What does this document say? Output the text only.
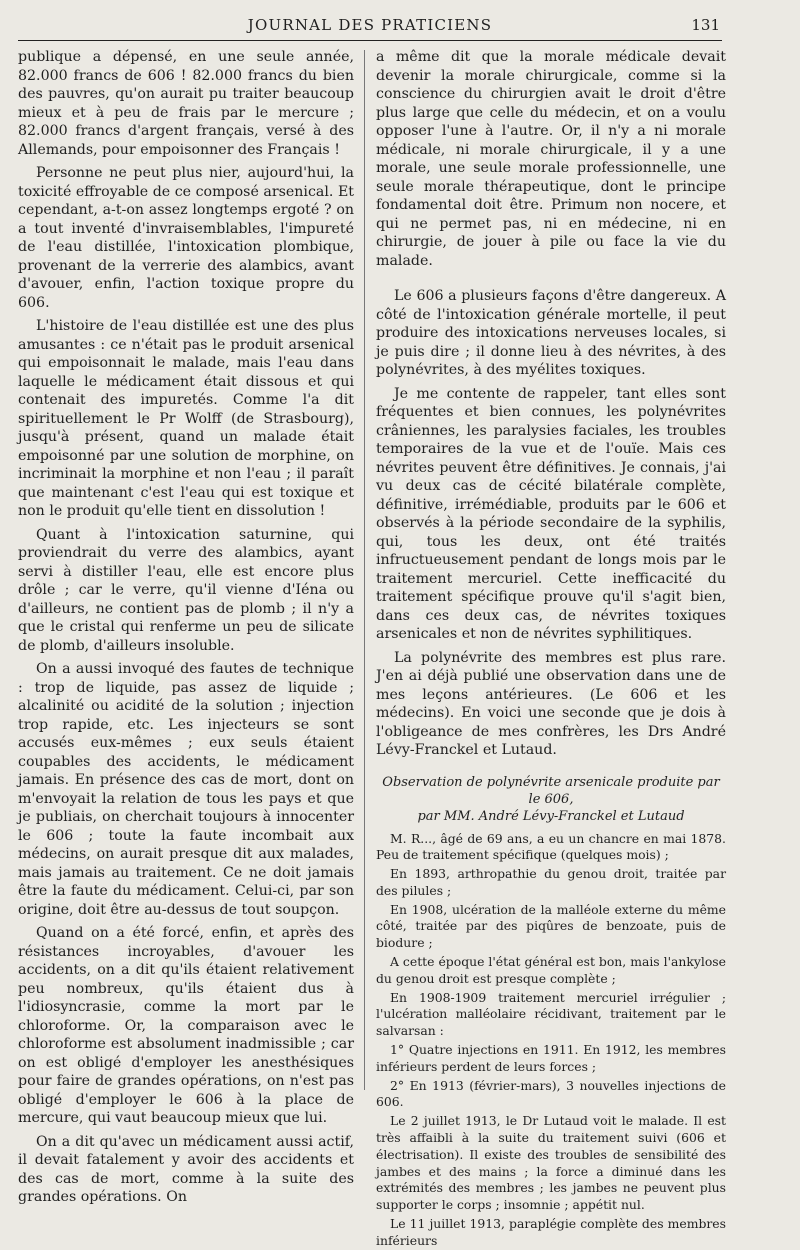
JOURNAL DES PRATICIENS	131

publique a dépensé, en une seule année, 82.000 francs de 606 ! 82.000 francs du bien des pauvres, qu'on aurait pu traiter beaucoup mieux et à peu de frais par le mercure ; 82.000 francs d'argent français, versé à des Allemands, pour empoisonner des Français !

Personne ne peut plus nier, aujourd'hui, la toxicité effroyable de ce composé arsenical. Et cependant, a-t-on assez longtemps ergoté ? on a tout inventé d'invraisemblables, l'impureté de l'eau distillée, l'intoxication plombique, provenant de la verrerie des alambics, avant d'avouer, enfin, l'action toxique propre du 606.

L'histoire de l'eau distillée est une des plus amusantes : ce n'était pas le produit arsenical qui empoisonnait le malade, mais l'eau dans laquelle le médicament était dissous et qui contenait des impuretés. Comme l'a dit spirituellement le Pr Wolff (de Strasbourg), jusqu'à présent, quand un malade était empoisonné par une solution de morphine, on incriminait la morphine et non l'eau ; il paraît que maintenant c'est l'eau qui est toxique et non le produit qu'elle tient en dissolution !

Quant à l'intoxication saturnine, qui proviendrait du verre des alambics, ayant servi à distiller l'eau, elle est encore plus drôle ; car le verre, qu'il vienne d'Iéna ou d'ailleurs, ne contient pas de plomb ; il n'y a que le cristal qui renferme un peu de silicate de plomb, d'ailleurs insoluble.

On a aussi invoqué des fautes de technique : trop de liquide, pas assez de liquide ; alcalinité ou acidité de la solution ; injection trop rapide, etc. Les injecteurs se sont accusés eux-mêmes ; eux seuls étaient coupables des accidents, le médicament jamais. En présence des cas de mort, dont on m'envoyait la relation de tous les pays et que je publiais, on cherchait toujours à innocenter le 606 ; toute la faute incombait aux médecins, on aurait presque dit aux malades, mais jamais au traitement. Ce ne doit jamais être la faute du médicament. Celui-ci, par son origine, doit être au-dessus de tout soupçon.

Quand on a été forcé, enfin, et après des résistances incroyables, d'avouer les accidents, on a dit qu'ils étaient relativement peu nombreux, qu'ils étaient dus à l'idiosyncrasie, comme la mort par le chloroforme. Or, la comparaison avec le chloroforme est absolument inadmissible ; car on est obligé d'employer les anesthésiques pour faire de grandes opérations, on n'est pas obligé d'employer le 606 à la place de mercure, qui vaut beaucoup mieux que lui.

On a dit qu'avec un médicament aussi actif, il devait fatalement y avoir des accidents et des cas de mort, comme à la suite des grandes opérations. On

a même dit que la morale médicale devait devenir la morale chirurgicale, comme si la conscience du chirurgien avait le droit d'être plus large que celle du médecin, et on a voulu opposer l'une à l'autre. Or, il n'y a ni morale médicale, ni morale chirurgicale, il y a une morale, une seule morale professionnelle, une seule morale thérapeutique, dont le principe fondamental doit être. Primum non nocere, et qui ne permet pas, ni en médecine, ni en chirurgie, de jouer à pile ou face la vie du malade.

Le 606 a plusieurs façons d'être dangereux. A côté de l'intoxication générale mortelle, il peut produire des intoxications nerveuses locales, si je puis dire ; il donne lieu à des névrites, à des polynévrites, à des myélites toxiques.

Je me contente de rappeler, tant elles sont fréquentes et bien connues, les polynévrites crâniennes, les paralysies faciales, les troubles temporaires de la vue et de l'ouïe. Mais ces névrites peuvent être définitives. Je connais, j'ai vu deux cas de cécité bilatérale complète, définitive, irrémédiable, produits par le 606 et observés à la période secondaire de la syphilis, qui, tous les deux, ont été traités infructueusement pendant de longs mois par le traitement mercuriel. Cette inefficacité du traitement spécifique prouve qu'il s'agit bien, dans ces deux cas, de névrites toxiques arsenicales et non de névrites syphilitiques.

La polynévrite des membres est plus rare. J'en ai déjà publié une observation dans une de mes leçons antérieures. (Le 606 et les médecins). En voici une seconde que je dois à l'obligeance de mes confrères, les Drs André Lévy-Franckel et Lutaud.

Observation de polynévrite arsenicale produite par le 606,
par MM. André Lévy-Franckel et Lutaud

M. R..., âgé de 69 ans, a eu un chancre en mai 1878. Peu de traitement spécifique (quelques mois) ;

En 1893, arthropathie du genou droit, traitée par des pilules ;

En 1908, ulcération de la malléole externe du même côté, traitée par des piqûres de benzoate, puis de biodure ;

A cette époque l'état général est bon, mais l'ankylose du genou droit est presque complète ;

En 1908-1909 traitement mercuriel irrégulier ; l'ulcération malléolaire récidivant, traitement par le salvarsan :

1° Quatre injections en 1911. En 1912, les membres inférieurs perdent de leurs forces ;

2° En 1913 (février-mars), 3 nouvelles injections de 606.

Le 2 juillet 1913, le Dr Lutaud voit le malade. Il est très affaibli à la suite du traitement suivi (606 et électrisation). Il existe des troubles de sensibilité des jambes et des mains ; la force a diminué dans les extrémités des membres ; les jambes ne peuvent plus supporter le corps ; insomnie ; appétit nul.

Le 11 juillet 1913, paraplégie complète des membres inférieurs
